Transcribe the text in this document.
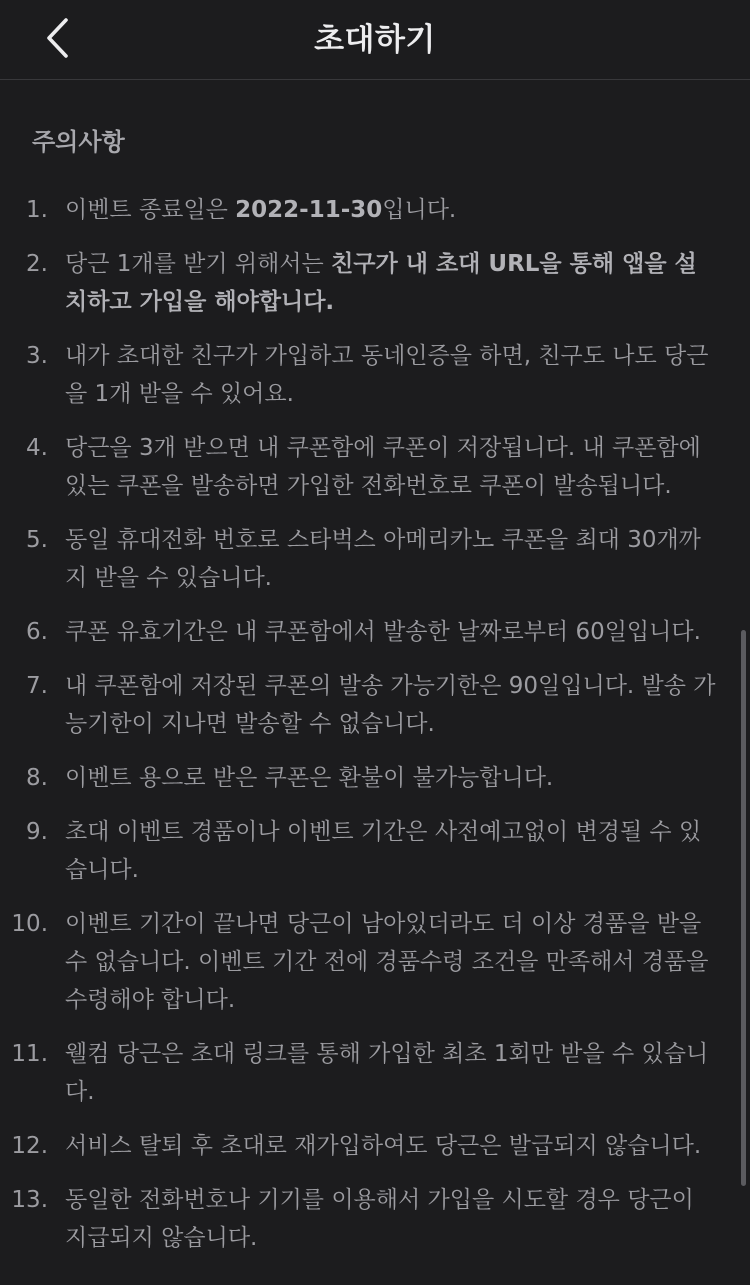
초대하기
주의사항
1. 이벤트 종료일은 2022-11-30입니다.
2. 당근 1개를 받기 위해서는 친구가 내 초대 URL을 통해 앱을 설치하고 가입을 해야합니다.
3. 내가 초대한 친구가 가입하고 동네인증을 하면, 친구도 나도 당근을 1개 받을 수 있어요.
4. 당근을 3개 받으면 내 쿠폰함에 쿠폰이 저장됩니다. 내 쿠폰함에 있는 쿠폰을 발송하면 가입한 전화번호로 쿠폰이 발송됩니다.
5. 동일 휴대전화 번호로 스타벅스 아메리카노 쿠폰을 최대 30개까지 받을 수 있습니다.
6. 쿠폰 유효기간은 내 쿠폰함에서 발송한 날짜로부터 60일입니다.
7. 내 쿠폰함에 저장된 쿠폰의 발송 가능기한은 90일입니다. 발송 가능기한이 지나면 발송할 수 없습니다.
8. 이벤트 용으로 받은 쿠폰은 환불이 불가능합니다.
9. 초대 이벤트 경품이나 이벤트 기간은 사전예고없이 변경될 수 있습니다.
10. 이벤트 기간이 끝나면 당근이 남아있더라도 더 이상 경품을 받을 수 없습니다. 이벤트 기간 전에 경품수령 조건을 만족해서 경품을 수령해야 합니다.
11. 웰컴 당근은 초대 링크를 통해 가입한 최초 1회만 받을 수 있습니다.
12. 서비스 탈퇴 후 초대로 재가입하여도 당근은 발급되지 않습니다.
13. 동일한 전화번호나 기기를 이용해서 가입을 시도할 경우 당근이 지급되지 않습니다.
